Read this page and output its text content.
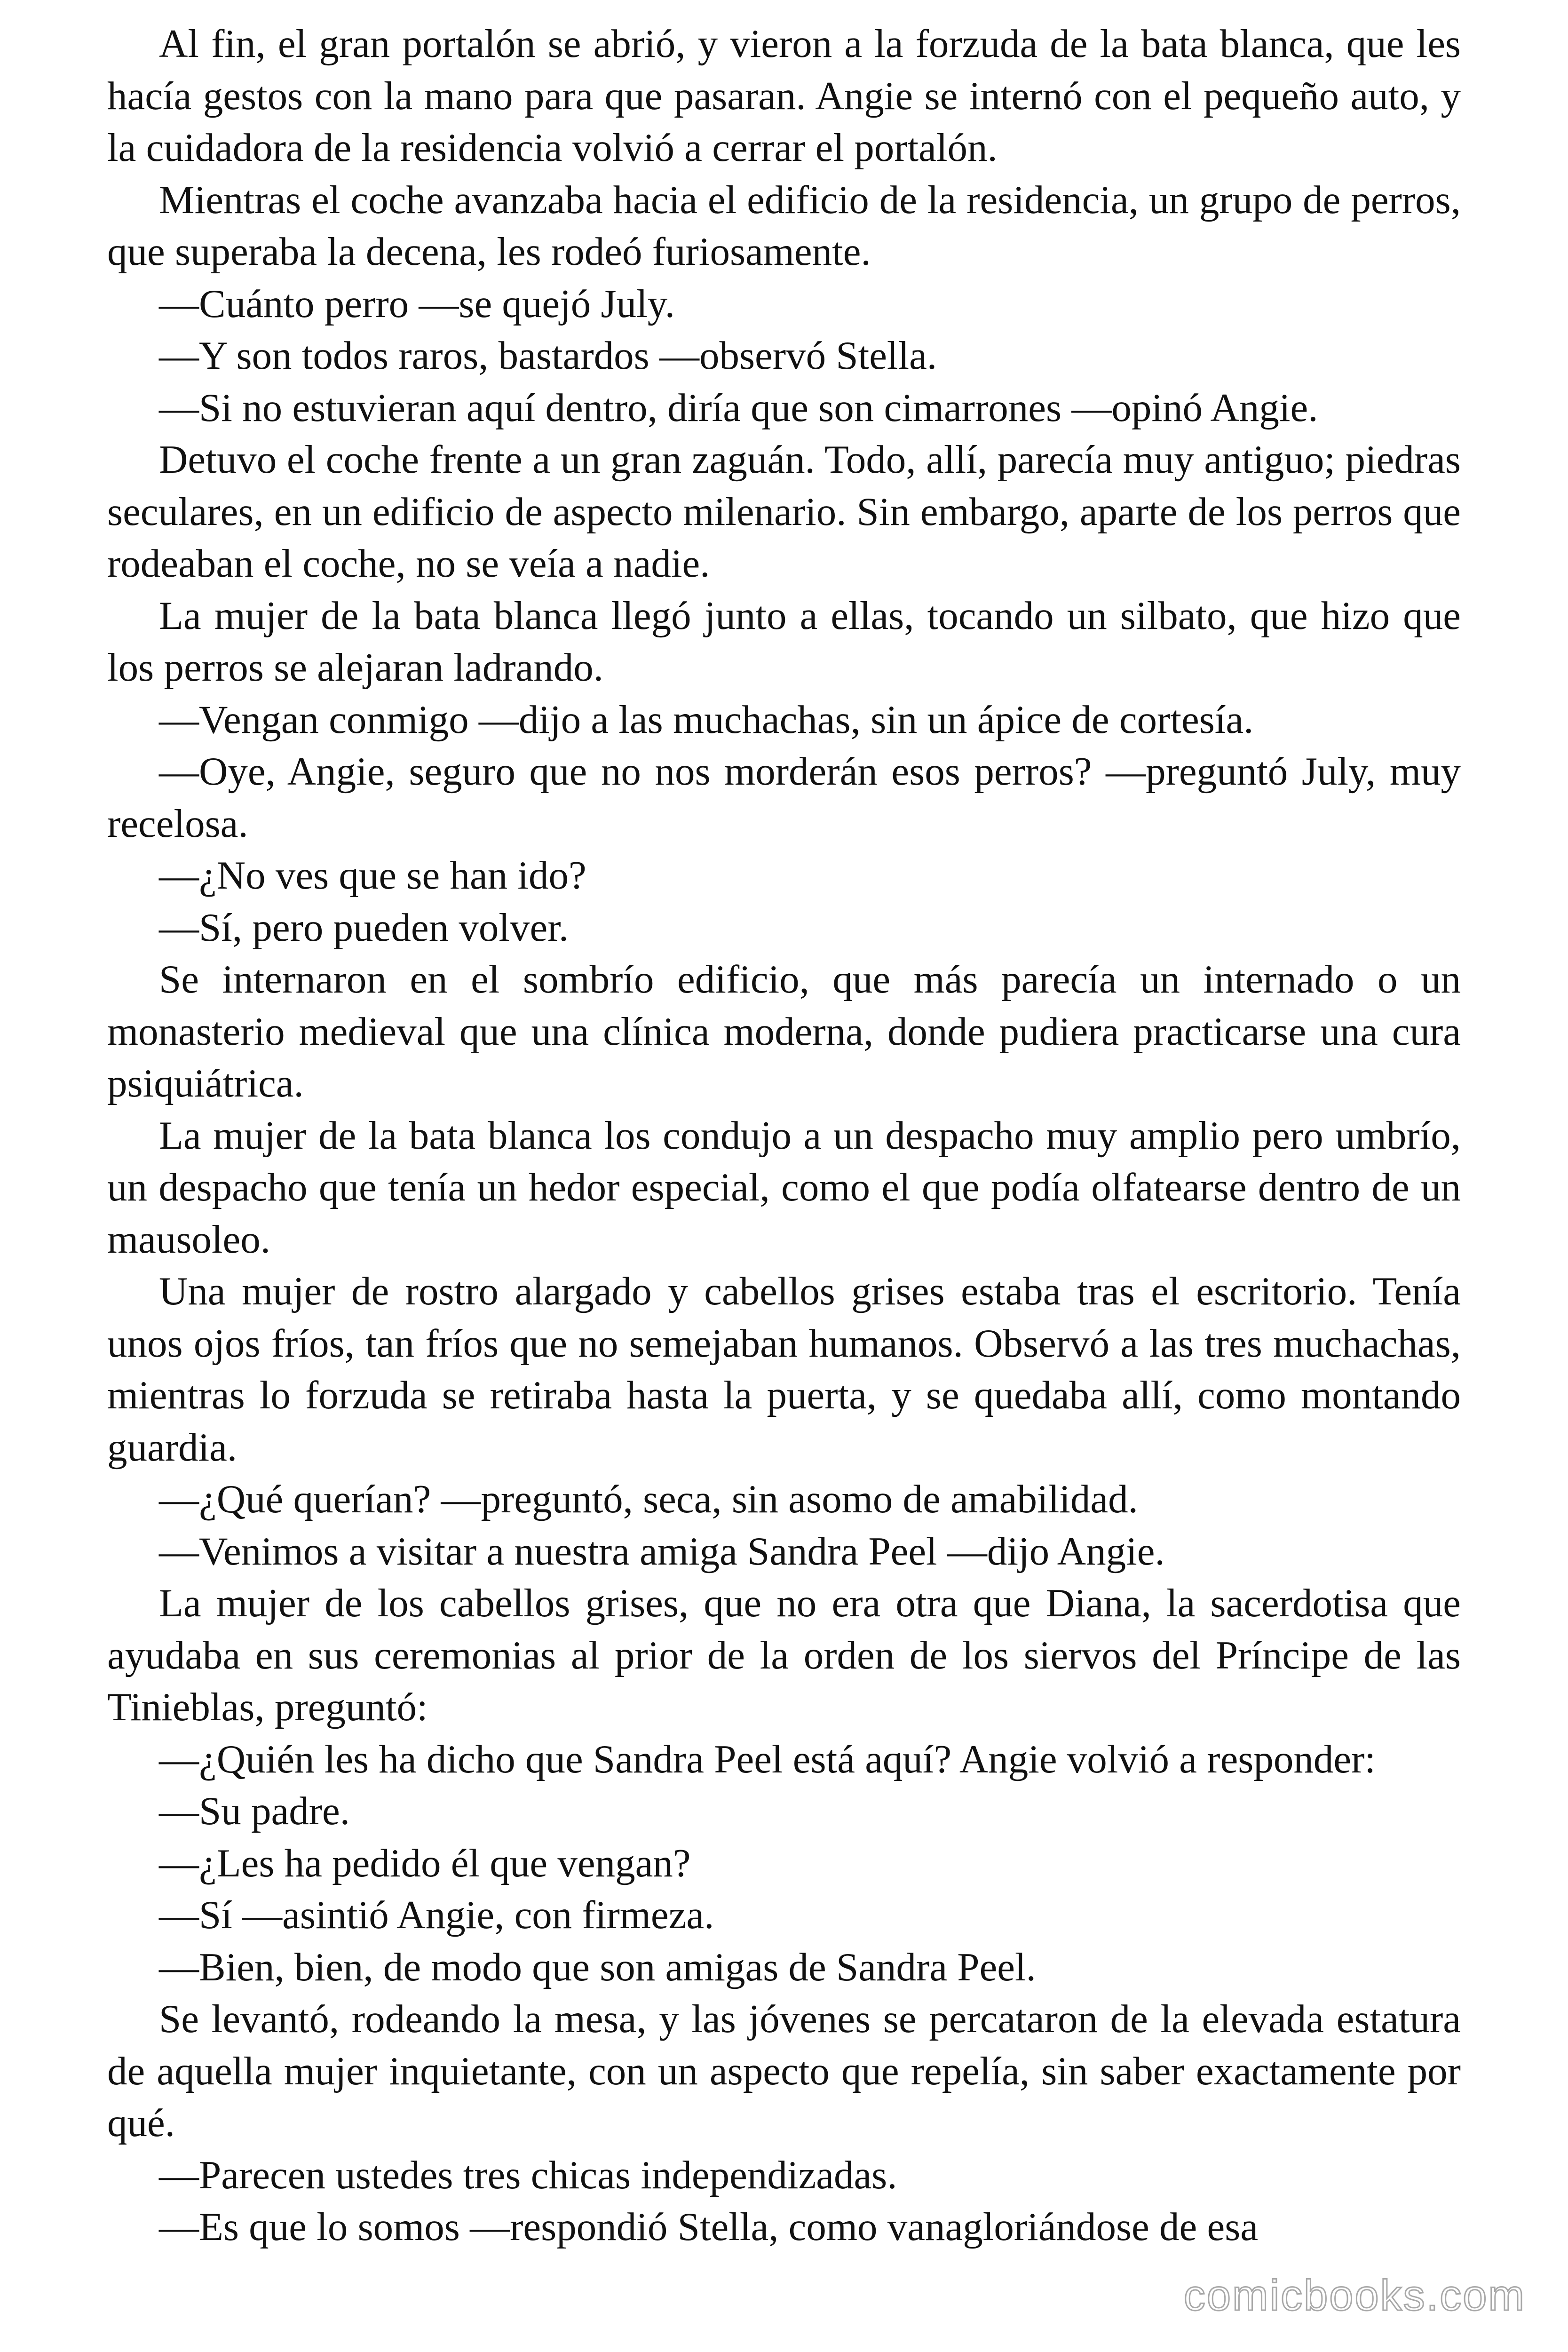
Al fin, el gran portalón se abrió, y vieron a la forzuda de la bata blanca, que les hacía gestos con la mano para que pasaran. Angie se internó con el pequeño auto, y la cuidadora de la residencia volvió a cerrar el portalón.

Mientras el coche avanzaba hacia el edificio de la residencia, un grupo de perros, que superaba la decena, les rodeó furiosamente.

—Cuánto perro —se quejó July.

—Y son todos raros, bastardos —observó Stella.

—Si no estuvieran aquí dentro, diría que son cimarrones —opinó Angie.

Detuvo el coche frente a un gran zaguán. Todo, allí, parecía muy antiguo; piedras seculares, en un edificio de aspecto milenario. Sin embargo, aparte de los perros que rodeaban el coche, no se veía a nadie.

La mujer de la bata blanca llegó junto a ellas, tocando un silbato, que hizo que los perros se alejaran ladrando.

—Vengan conmigo —dijo a las muchachas, sin un ápice de cortesía.

—Oye, Angie, seguro que no nos morderán esos perros? —preguntó July, muy recelosa.

—¿No ves que se han ido?

—Sí, pero pueden volver.

Se internaron en el sombrío edificio, que más parecía un internado o un monasterio medieval que una clínica moderna, donde pudiera practicarse una cura psiquiátrica.

La mujer de la bata blanca los condujo a un despacho muy amplio pero umbrío, un despacho que tenía un hedor especial, como el que podía olfatearse dentro de un mausoleo.

Una mujer de rostro alargado y cabellos grises estaba tras el escritorio. Tenía unos ojos fríos, tan fríos que no semejaban humanos. Observó a las tres muchachas, mientras lo forzuda se retiraba hasta la puerta, y se quedaba allí, como montando guardia.

—¿Qué querían? —preguntó, seca, sin asomo de amabilidad.

—Venimos a visitar a nuestra amiga Sandra Peel —dijo Angie.

La mujer de los cabellos grises, que no era otra que Diana, la sacerdotisa que ayudaba en sus ceremonias al prior de la orden de los siervos del Príncipe de las Tinieblas, preguntó:

—¿Quién les ha dicho que Sandra Peel está aquí? Angie volvió a responder:

—Su padre.

—¿Les ha pedido él que vengan?

—Sí —asintió Angie, con firmeza.

—Bien, bien, de modo que son amigas de Sandra Peel.

Se levantó, rodeando la mesa, y las jóvenes se percataron de la elevada estatura de aquella mujer inquietante, con un aspecto que repelía, sin saber exactamente por qué.

—Parecen ustedes tres chicas independizadas.

—Es que lo somos —respondió Stella, como vanagloriándose de esa

comicbooks.com
